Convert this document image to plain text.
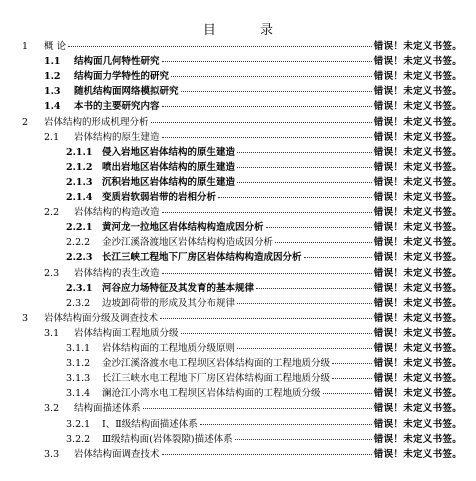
目 录
1	概 论	错误！未定义书签。
1.1	结构面几何特性研究	错误！未定义书签。
1.2	结构面力学特性的研究	错误！未定义书签。
1.3	随机结构面网络模拟研究	错误！未定义书签。
1.4	本书的主要研究内容	错误！未定义书签。
2	岩体结构的形成机理分析	错误！未定义书签。
2.1	岩体结构的原生建造	错误！未定义书签。
2.1.1	侵入岩地区岩体结构的原生建造	错误！未定义书签。
2.1.2	喷出岩地区岩体结构的原生建造	错误！未定义书签。
2.1.3	沉积岩地区岩体结构的原生建造	错误！未定义书签。
2.1.4	变质岩软弱岩带的岩相分析	错误！未定义书签。
2.2	岩体结构的构造改造	错误！未定义书签。
2.2.1	黄河龙一拉地区岩体结构构造成因分析	错误！未定义书签。
2.2.2	金沙江溪洛渡地区岩体结构构造成因分析	错误！未定义书签。
2.2.3	长江三峡工程地下厂房区岩体结构构造成因分析	错误！未定义书签。
2.3	岩体结构的表生改造	错误！未定义书签。
2.3.1	河谷应力场特征及其发育的基本规律	错误！未定义书签。
2.3.2	边坡卸荷带的形成及其分布规律	错误！未定义书签。
3	岩体结构面分级及调查技术	错误！未定义书签。
3.1	岩体结构面工程地质分级	错误！未定义书签。
3.1.1	岩体结构面的工程地质分级原则	错误！未定义书签。
3.1.2	金沙江溪洛渡水电工程坝区岩体结构面的工程地质分级	错误！未定义书签。
3.1.3	长江三峡水电工程地下厂房区岩体结构面工程地质分级	错误！未定义书签。
3.1.4	澜沧江小湾水电工程坝区岩体结构面的工程地质分级	错误！未定义书签。
3.2	结构面描述体系	错误！未定义书签。
3.2.1	Ⅰ、Ⅱ级结构面描述体系	错误！未定义书签。
3.2.2	Ⅲ级结构面(岩体裂隙)描述体系	错误！未定义书签。
3.3	岩体结构面调查技术	错误！未定义书签。
